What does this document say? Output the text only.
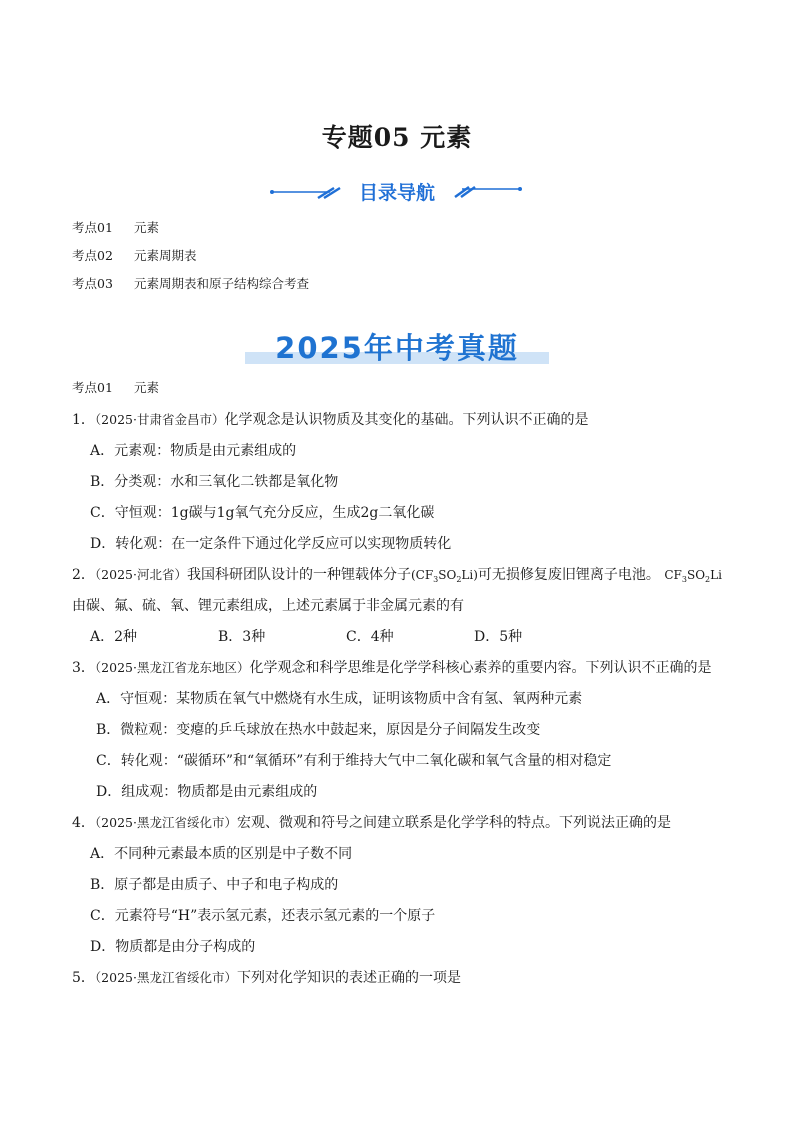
专题05 元素
目录导航
考点01 元素
考点02 元素周期表
考点03 元素周期表和原子结构综合考查
2025年中考真题
考点01 元素
1．（2025·甘肃省金昌市）化学观念是认识物质及其变化的基础。下列认识不正确的是
A．元素观：物质是由元素组成的
B．分类观：水和三氧化二铁都是氧化物
C．守恒观：1g碳与1g氧气充分反应，生成2g二氧化碳
D．转化观：在一定条件下通过化学反应可以实现物质转化
2．（2025·河北省）我国科研团队设计的一种锂载体分子$(CF_3SO_2Li)$可无损修复废旧锂离子电池。 $CF_3SO_2Li$
由碳、氟、硫、氧、锂元素组成，上述元素属于非金属元素的有
A．2种	B．3种	C．4种	D．5种
3．（2025·黑龙江省龙东地区）化学观念和科学思维是化学学科核心素养的重要内容。下列认识不正确的是
A．守恒观：某物质在氧气中燃烧有水生成，证明该物质中含有氢、氧两种元素
B．微粒观：变瘪的乒乓球放在热水中鼓起来，原因是分子间隔发生改变
C．转化观：“碳循环”和“氧循环”有利于维持大气中二氧化碳和氧气含量的相对稳定
D．组成观：物质都是由元素组成的
4．（2025·黑龙江省绥化市）宏观、微观和符号之间建立联系是化学学科的特点。下列说法正确的是
A．不同种元素最本质的区别是中子数不同
B．原子都是由质子、中子和电子构成的
C．元素符号“H”表示氢元素，还表示氢元素的一个原子
D．物质都是由分子构成的
5．（2025·黑龙江省绥化市）下列对化学知识的表述正确的一项是
